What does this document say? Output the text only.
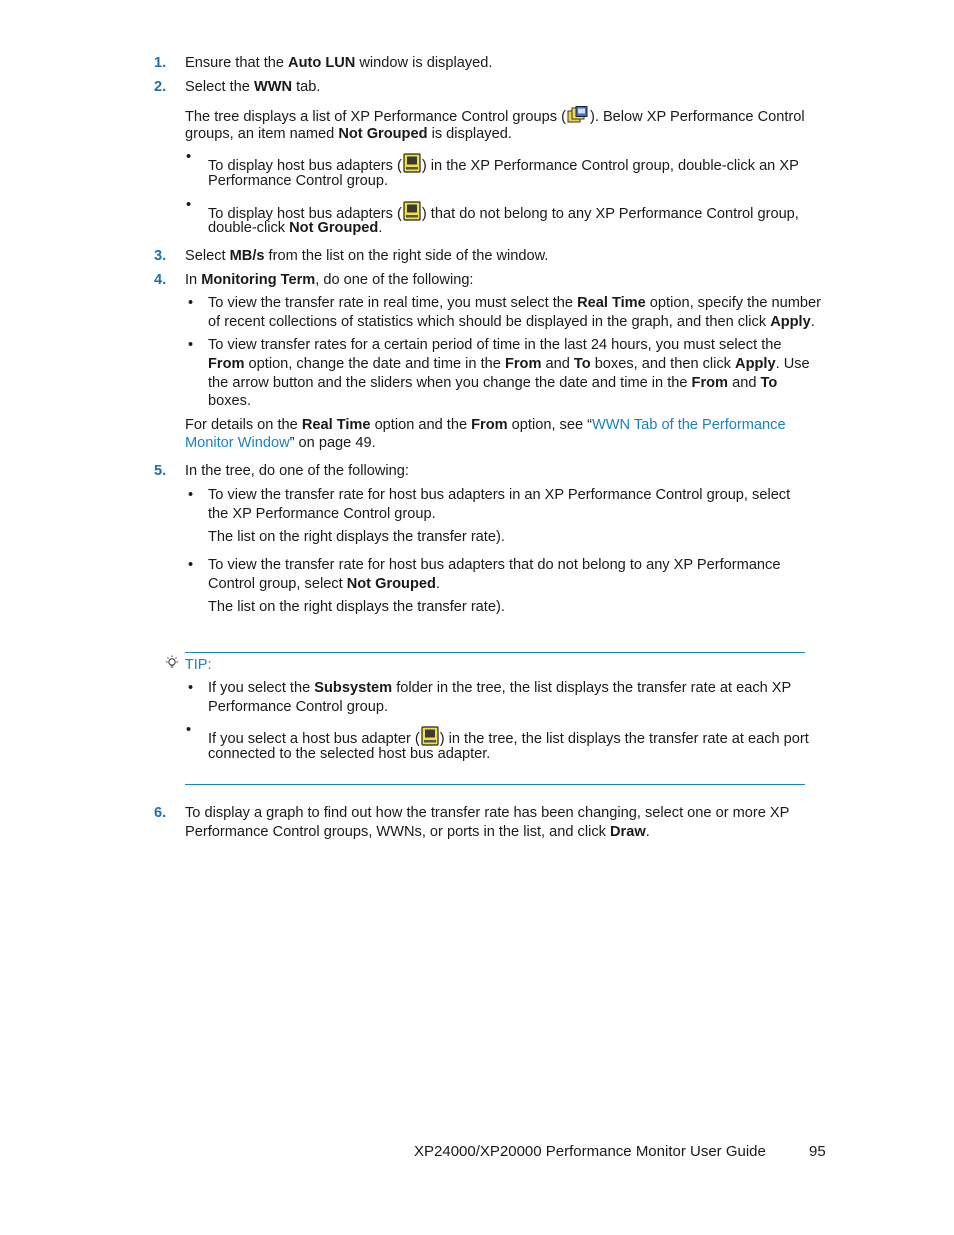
1. Ensure that the Auto LUN window is displayed.
2. Select the WWN tab.
The tree displays a list of XP Performance Control groups ( ). Below XP Performance Control
groups, an item named Not Grouped is displayed.
•
To display host bus adapters ( ) in the XP Performance Control group, double-click an XP
Performance Control group.
•
To display host bus adapters ( ) that do not belong to any XP Performance Control group,
double-click Not Grouped.
3. Select MB/s from the list on the right side of the window.
4. In Monitoring Term, do one of the following:
• To view the transfer rate in real time, you must select the Real Time option, specify the number
of recent collections of statistics which should be displayed in the graph, and then click Apply.
• To view transfer rates for a certain period of time in the last 24 hours, you must select the
From option, change the date and time in the From and To boxes, and then click Apply. Use
the arrow button and the sliders when you change the date and time in the From and To
boxes.
For details on the Real Time option and the From option, see “WWN Tab of the Performance
Monitor Window” on page 49.
5. In the tree, do one of the following:
• To view the transfer rate for host bus adapters in an XP Performance Control group, select
the XP Performance Control group.
The list on the right displays the transfer rate).
• To view the transfer rate for host bus adapters that do not belong to any XP Performance
Control group, select Not Grouped.
The list on the right displays the transfer rate).
TIP:
• If you select the Subsystem folder in the tree, the list displays the transfer rate at each XP
Performance Control group.
•
If you select a host bus adapter ( ) in the tree, the list displays the transfer rate at each port
connected to the selected host bus adapter.
6. To display a graph to find out how the transfer rate has been changing, select one or more XP
Performance Control groups, WWNs, or ports in the list, and click Draw.
XP24000/XP20000 Performance Monitor User Guide	95
